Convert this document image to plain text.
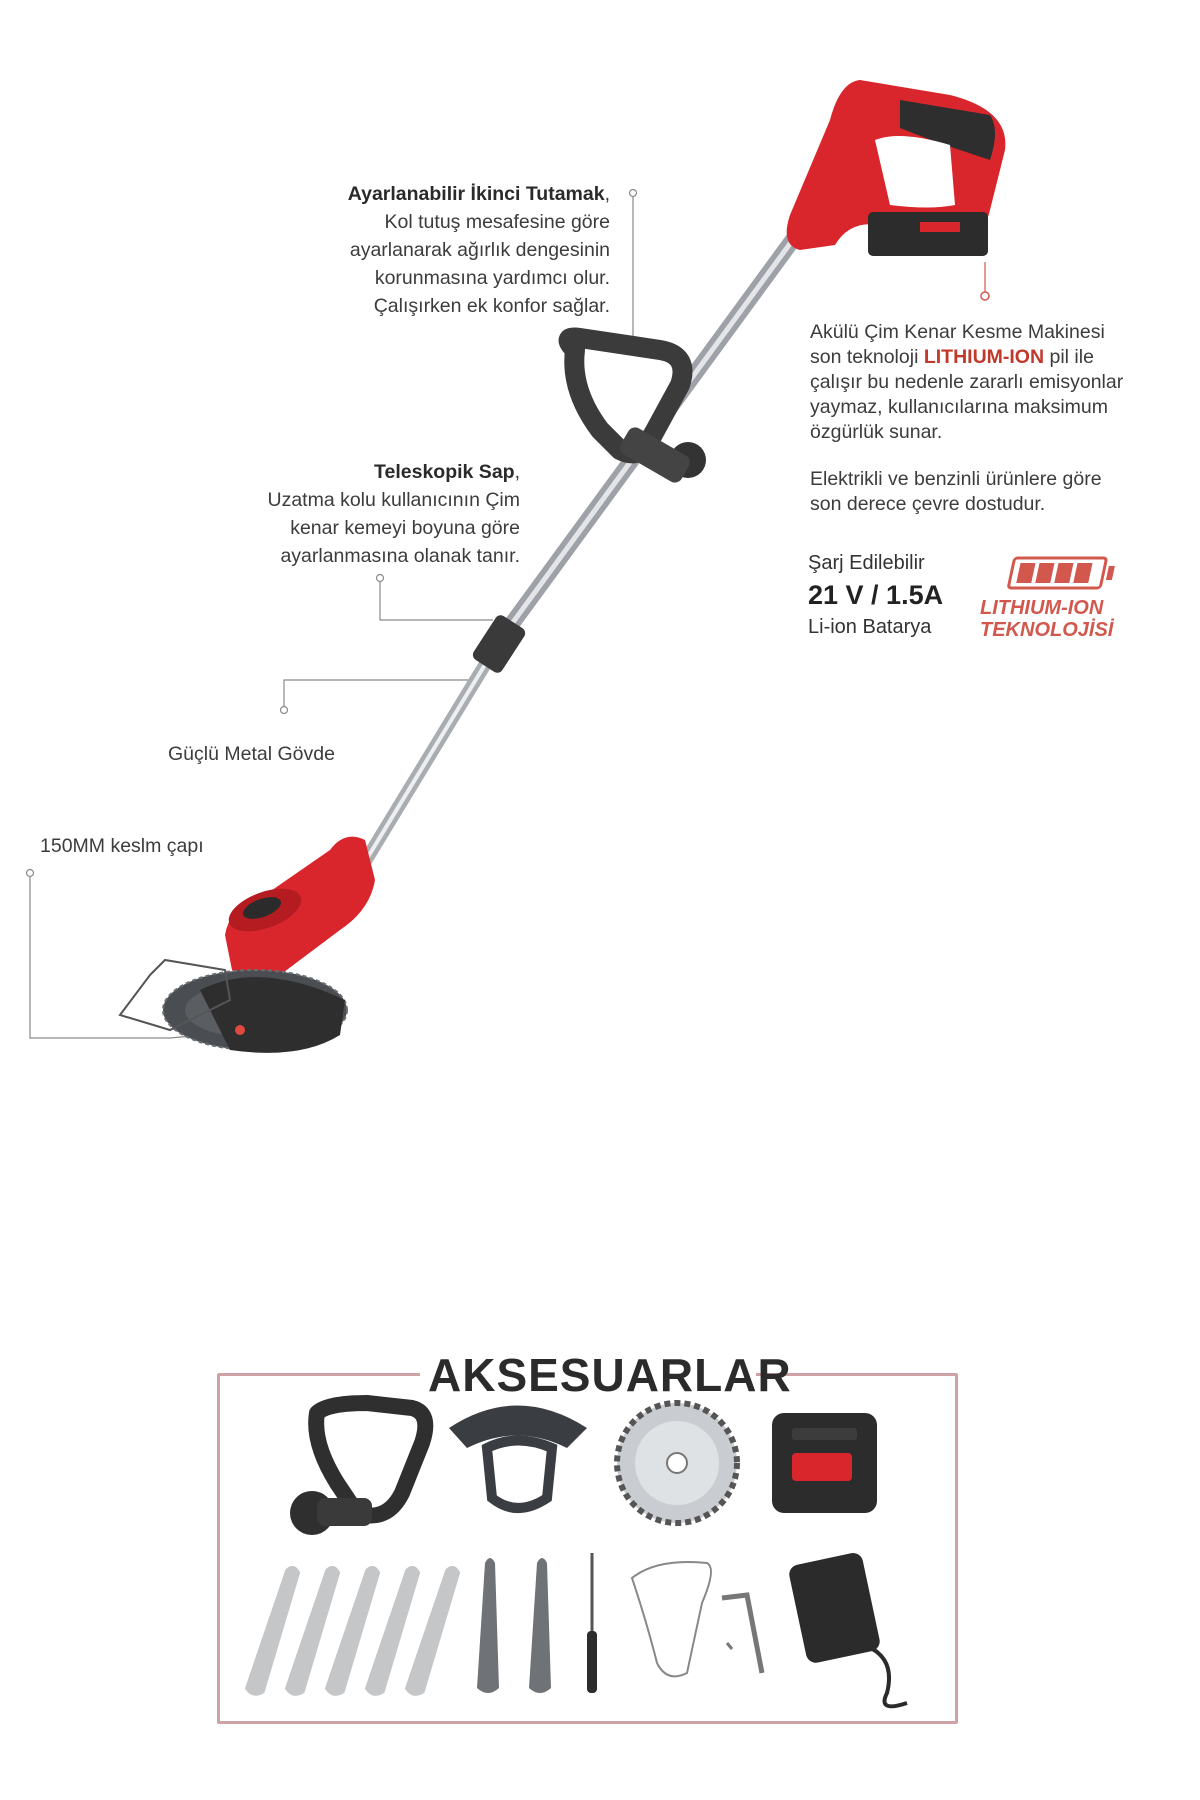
Ayarlanabilir İkinci Tutamak,
Kol tutuş mesafesine göre
ayarlanarak ağırlık dengesinin
korunmasına yardımcı olur.
Çalışırken ek konfor sağlar.
Teleskopik Sap,
Uzatma kolu kullanıcının Çim
kenar kemeyi boyuna göre
ayarlanmasına olanak tanır.
Güçlü Metal Gövde
150MM keslm çapı
Akülü Çim Kenar Kesme Makinesi
son teknoloji LITHIUM-ION pil ile
çalışır bu nedenle zararlı emisyonlar
yaymaz, kullanıcılarına maksimum
özgürlük sunar.
Elektrikli ve benzinli ürünlere göre
son derece çevre dostudur.
Şarj Edilebilir
21 V / 1.5A
Li-ion Batarya
LITHIUM-ION
TEKNOLOJİSİ
AKSESUARLAR
